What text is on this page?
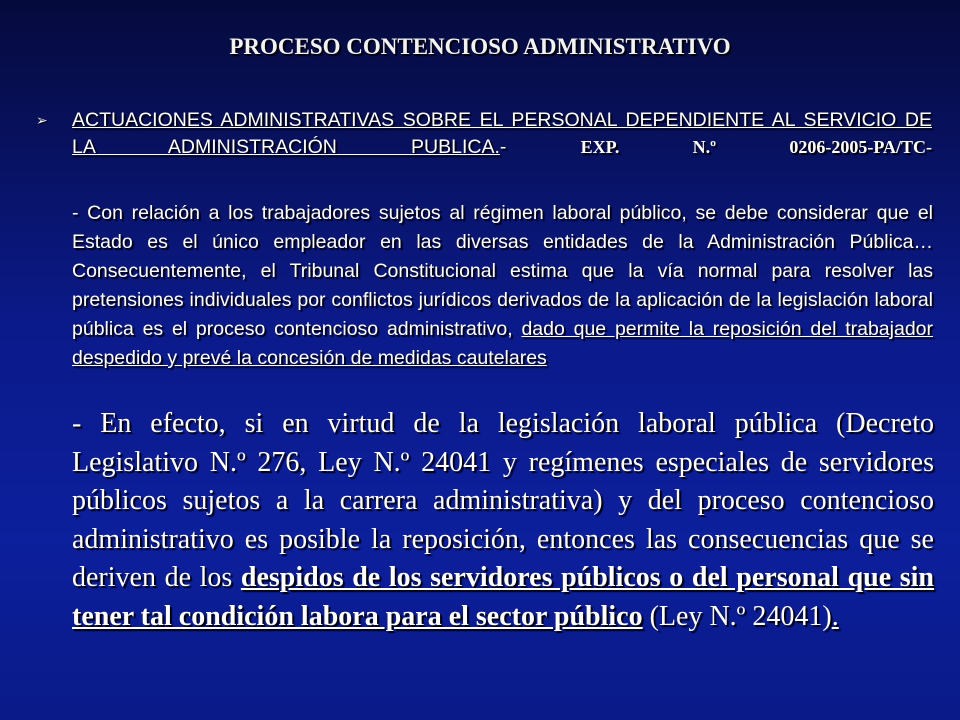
PROCESO CONTENCIOSO ADMINISTRATIVO
➢ ACTUACIONES ADMINISTRATIVAS SOBRE EL PERSONAL DEPENDIENTE AL SERVICIO DE LA ADMINISTRACIÓN PUBLICA.- EXP. N.º 0206-2005-PA/TC-
- Con relación a los trabajadores sujetos al régimen laboral público, se debe considerar que el Estado es el único empleador en las diversas entidades de la Administración Pública… Consecuentemente, el Tribunal Constitucional estima que la vía normal para resolver las pretensiones individuales por conflictos jurídicos derivados de la aplicación de la legislación laboral pública es el proceso contencioso administrativo, dado que permite la reposición del trabajador despedido y prevé la concesión de medidas cautelares
- En efecto, si en virtud de la legislación laboral pública (Decreto Legislativo N.º 276, Ley N.º 24041 y regímenes especiales de servidores públicos sujetos a la carrera administrativa) y del proceso contencioso administrativo es posible la reposición, entonces las consecuencias que se deriven de los despidos de los servidores públicos o del personal que sin tener tal condición labora para el sector público (Ley N.º 24041).
